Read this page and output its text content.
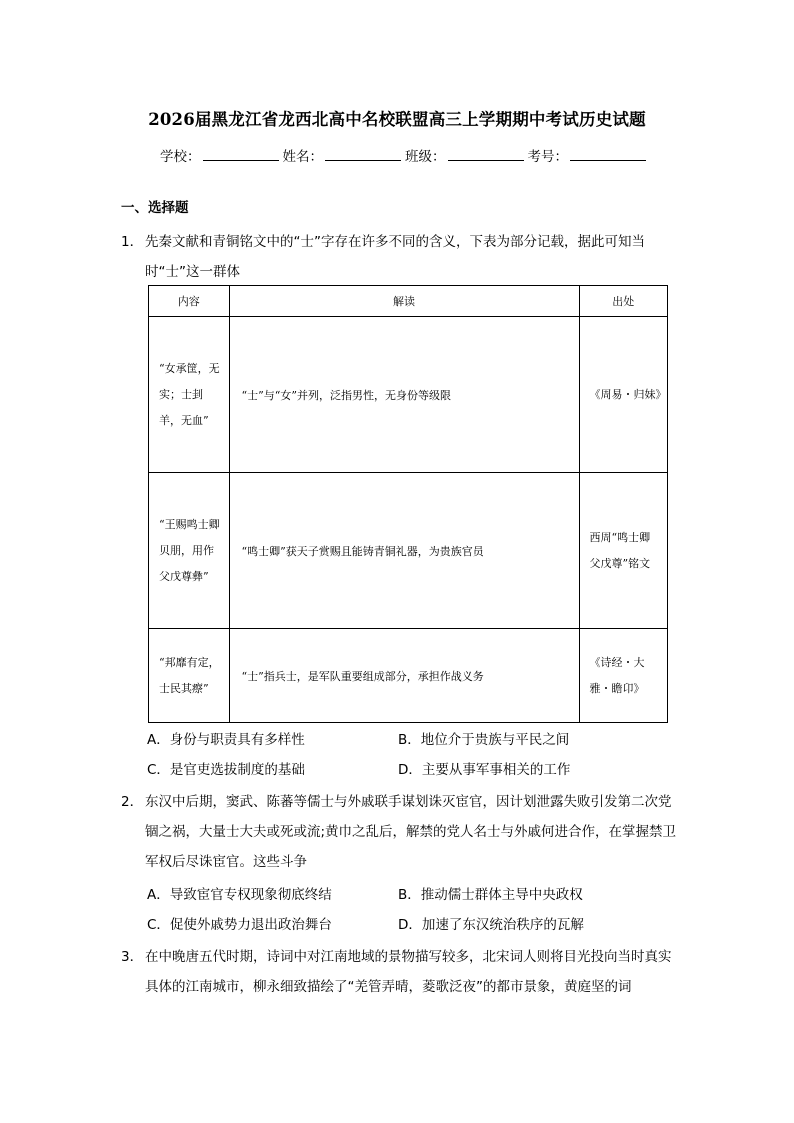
2026届黑龙江省龙西北高中名校联盟高三上学期期中考试历史试题
学校：	姓名：	班级：	考号：
一、选择题
1． 先秦文献和青铜铭文中的“士”字存在许多不同的含义，下表为部分记载，据此可知当时“士”这一群体
内容	解读	出处
“女承筐，无实；士刲羊，无血”	“士”与“女”并列，泛指男性，无身份等级限	《周易・归妹》
“王赐鸣士卿贝朋，用作父戊尊彝”	“鸣士卿”获天子赏赐且能铸青铜礼器，为贵族官员	西周“鸣士卿父戊尊”铭文
“邦靡有定，士民其瘵”	“士”指兵士，是军队重要组成部分，承担作战义务	《诗经・大雅・瞻卬》
A．身份与职责具有多样性	B．地位介于贵族与平民之间
C．是官吏选拔制度的基础	D．主要从事军事相关的工作
2． 东汉中后期，窦武、陈蕃等儒士与外戚联手谋划诛灭宦官，因计划泄露失败引发第二次党锢之祸，大量士大夫或死或流;黄巾之乱后，解禁的党人名士与外戚何进合作，在掌握禁卫军权后尽诛宦官。这些斗争
A．导致宦官专权现象彻底终结	B．推动儒士群体主导中央政权
C．促使外戚势力退出政治舞台	D．加速了东汉统治秩序的瓦解
3． 在中晚唐五代时期，诗词中对江南地域的景物描写较多，北宋词人则将目光投向当时真实具体的江南城市，柳永细致描绘了“羌管弄晴，菱歌泛夜”的都市景象，黄庭坚的词
